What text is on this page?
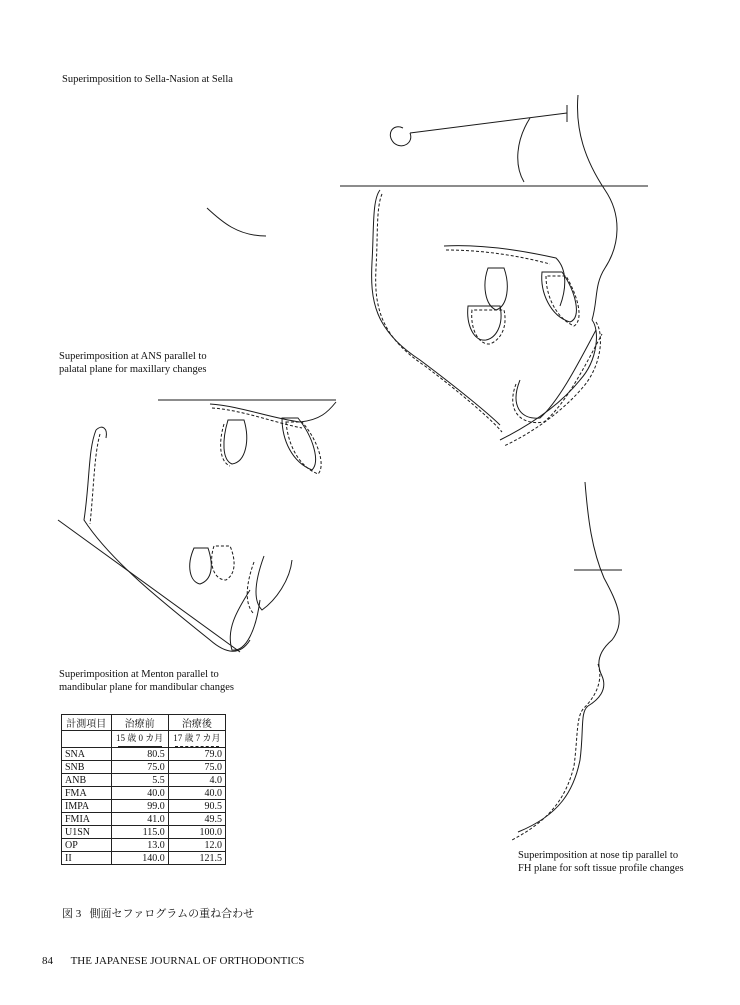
Superimposition to Sella-Nasion at Sella
Superimposition at ANS parallel to
palatal plane for maxillary changes
Superimposition at Menton parallel to
mandibular plane for mandibular changes
Superimposition at nose tip parallel to
FH plane for soft tissue profile changes
計測項目	治療前	治療後
	15 歳 0 カ月	17 歳 7 カ月

SNA	80.5	79.0
SNB	75.0	75.0
ANB	5.5	4.0
FMA	40.0	40.0
IMPA	99.0	90.5
FMIA	41.0	49.5
U1SN	115.0	100.0
OP	13.0	12.0
II	140.0	121.5
図 3 側面セファログラムの重ね合わせ
84 THE JAPANESE JOURNAL OF ORTHODONTICS
